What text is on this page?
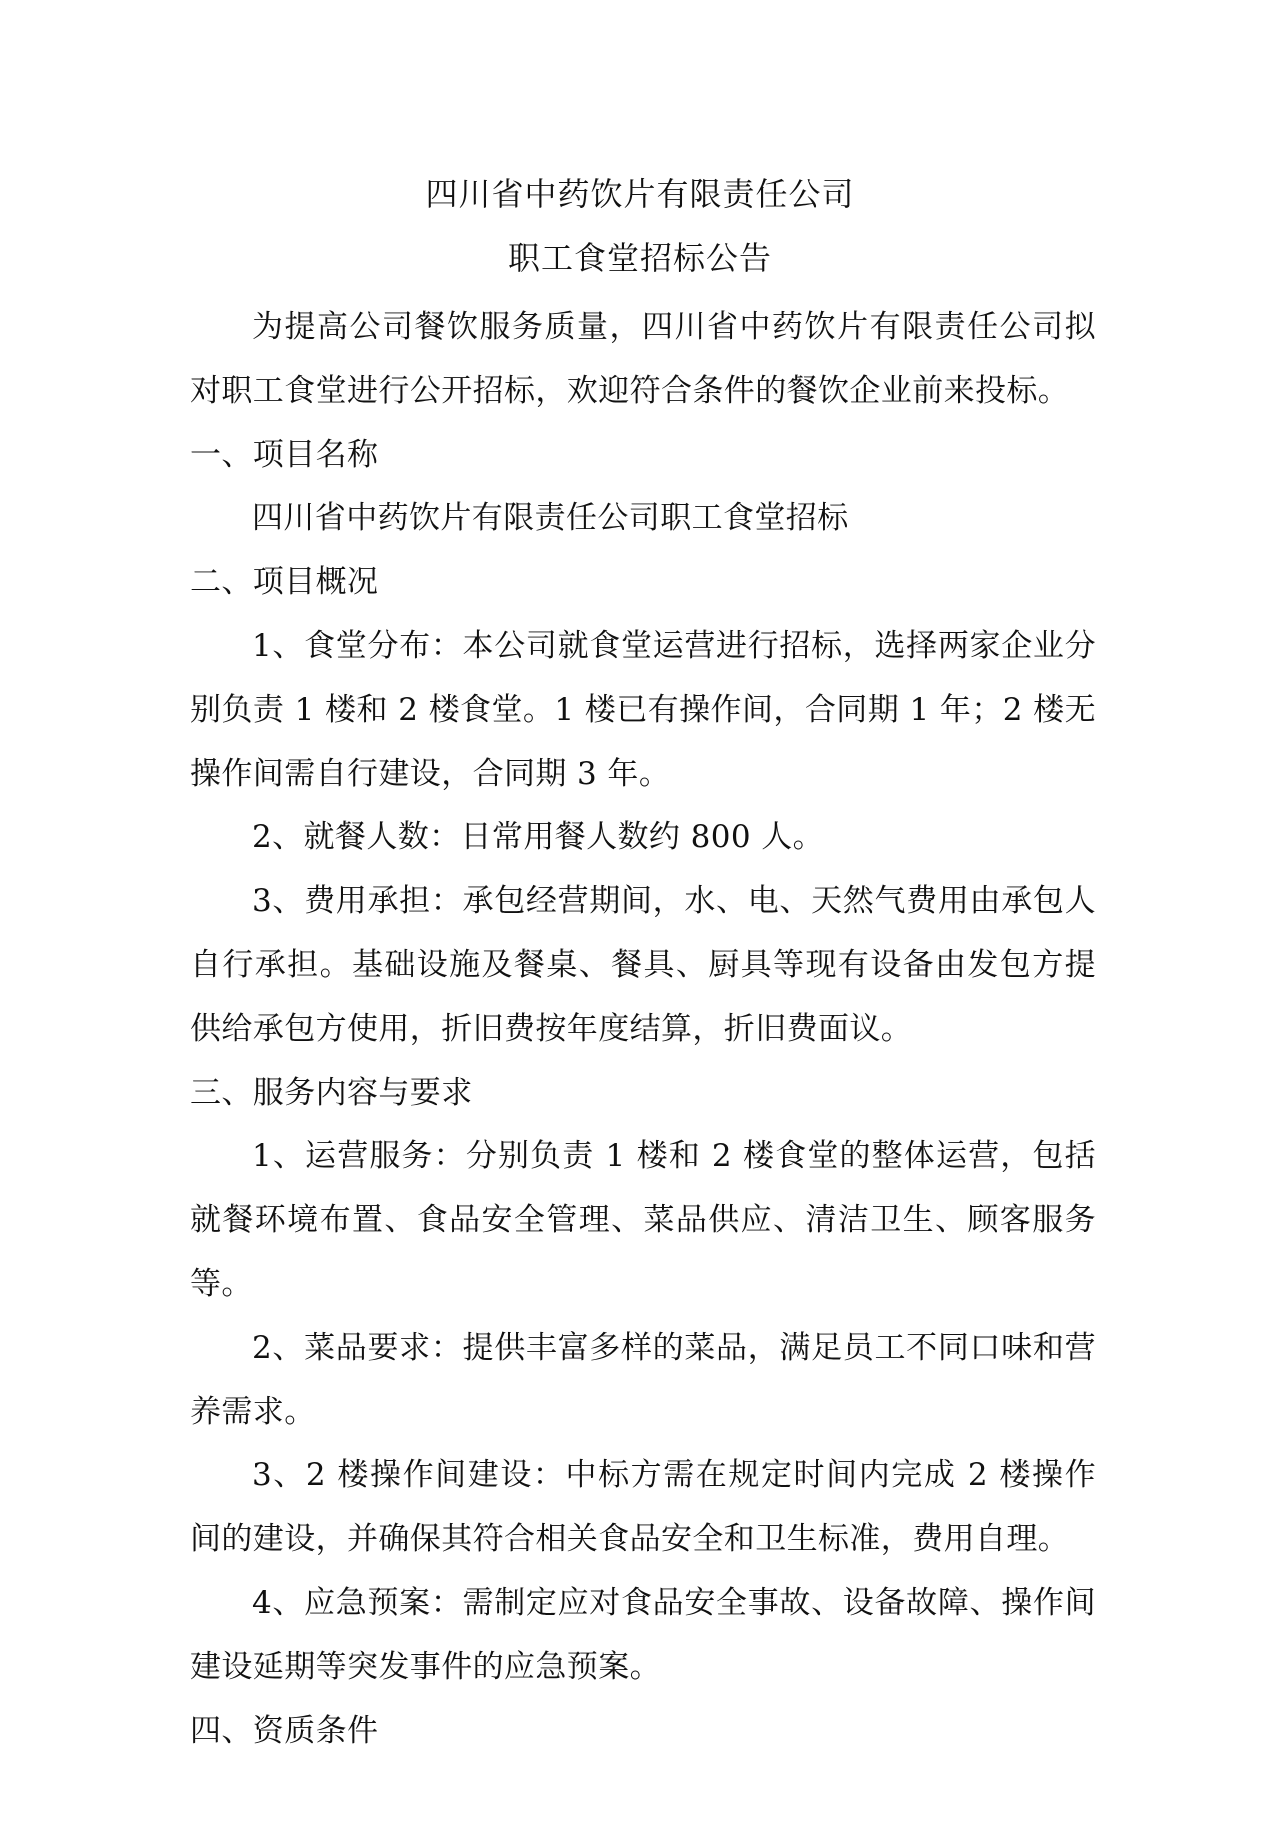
四川省中药饮片有限责任公司
职工食堂招标公告

为提高公司餐饮服务质量，四川省中药饮片有限责任公司拟对职工食堂进行公开招标，欢迎符合条件的餐饮企业前来投标。

一、项目名称

四川省中药饮片有限责任公司职工食堂招标

二、项目概况

1、食堂分布：本公司就食堂运营进行招标，选择两家企业分别负责 1 楼和 2 楼食堂。1 楼已有操作间，合同期 1 年；2 楼无操作间需自行建设，合同期 3 年。

2、就餐人数：日常用餐人数约 800 人。

3、费用承担：承包经营期间，水、电、天然气费用由承包人自行承担。基础设施及餐桌、餐具、厨具等现有设备由发包方提供给承包方使用，折旧费按年度结算，折旧费面议。

三、服务内容与要求

1、运营服务：分别负责 1 楼和 2 楼食堂的整体运营，包括就餐环境布置、食品安全管理、菜品供应、清洁卫生、顾客服务等。

2、菜品要求：提供丰富多样的菜品，满足员工不同口味和营养需求。

3、2 楼操作间建设：中标方需在规定时间内完成 2 楼操作间的建设，并确保其符合相关食品安全和卫生标准，费用自理。

4、应急预案：需制定应对食品安全事故、设备故障、操作间建设延期等突发事件的应急预案。

四、资质条件
